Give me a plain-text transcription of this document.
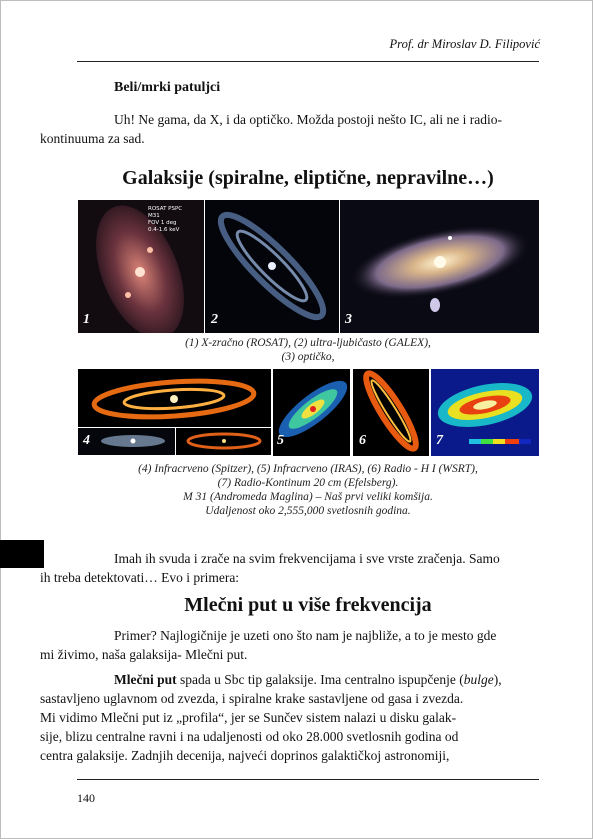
Prof. dr Miroslav D. Filipović
Beli/mrki patuljci
Uh! Ne gama, da X, i da optičko. Možda postoji nešto IC, ali ne i radio-
kontinuuma za sad.
Galaksije (spiralne, eliptične, nepravilne…)
ROSAT PSPC
M31
FOV 1 deg
0.4-1.6 keV
1	2	3
(1) X-zračno (ROSAT), (2) ultra-ljubičasto (GALEX),
(3) optičko,
4	5	6	7
(4) Infracrveno (Spitzer), (5) Infracrveno (IRAS), (6) Radio - H I (WSRT),
(7) Radio-Kontinum 20 cm (Efelsberg).
M 31 (Andromeda Maglina) – Naš prvi veliki komšija.
Udaljenost oko 2,555,000 svetlosnih godina.
Imah ih svuda i zrače na svim frekvencijama i sve vrste zračenja. Samo
ih treba detektovati… Evo i primera:
Mlečni put u više frekvencija
Primer? Najlogičnije je uzeti ono što nam je najbliže, a to je mesto gde
mi živimo, naša galaksija- Mlečni put.
Mlečni put spada u Sbc tip galaksije. Ima centralno ispupčenje (bulge),
sastavljeno uglavnom od zvezda, i spiralne krake sastavljene od gasa i zvezda.
Mi vidimo Mlečni put iz „profila“, jer se Sunčev sistem nalazi u disku galak-
sije, blizu centralne ravni i na udaljenosti od oko 28.000 svetlosnih godina od
centra galaksije. Zadnjih decenija, najveći doprinos galaktičkoj astronomiji,
140
